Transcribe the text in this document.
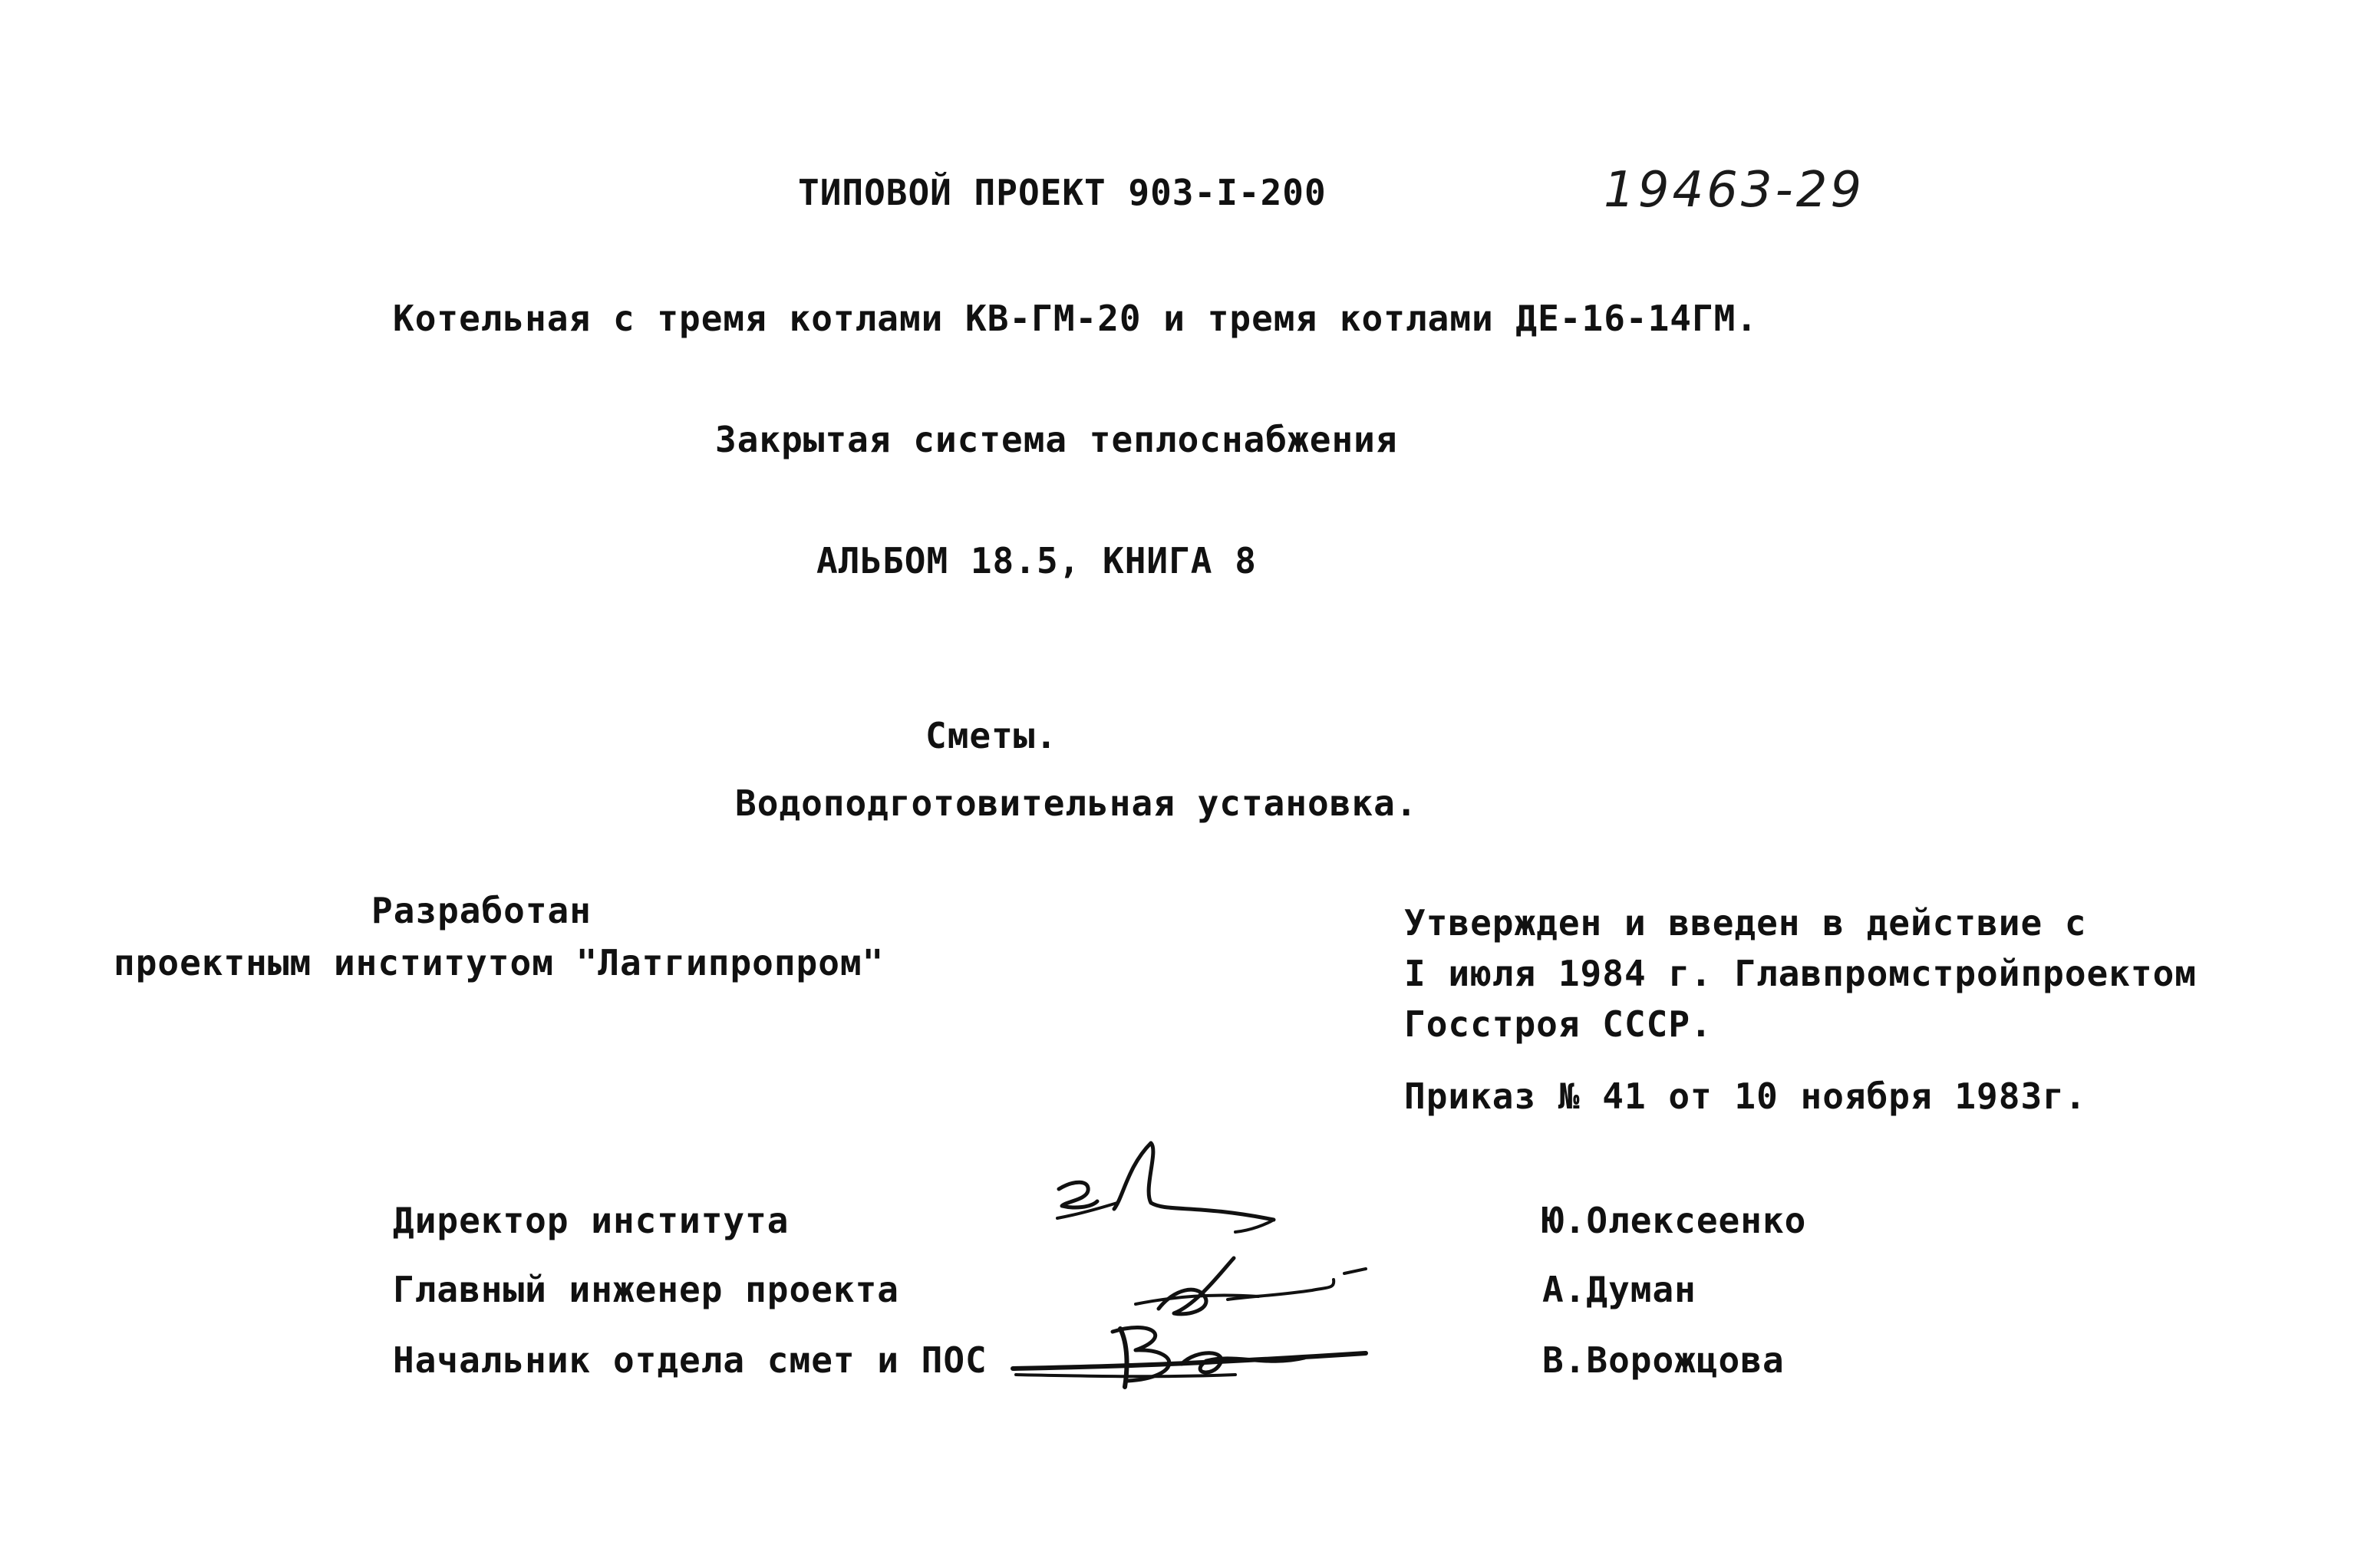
ТИПОВОЙ ПРОЕКТ 903-I-200	19463-29
Котельная с тремя котлами КВ-ГМ-20 и тремя котлами ДЕ-16-14ГМ.
Закрытая система теплоснабжения
АЛЬБОМ 18.5, КНИГА 8
Сметы.
Водоподготовительная установка.
Разработан
проектным институтом "Латгипропром"
Утвержден и введен в действие с
I июля 1984 г. Главпромстройпроектом
Госстроя СССР.
Приказ № 41 от 10 ноября 1983г.
Директор института	Ю.Олексеенко
Главный инженер проекта	А.Думан
Начальник отдела смет и ПОС	В.Ворожцова
